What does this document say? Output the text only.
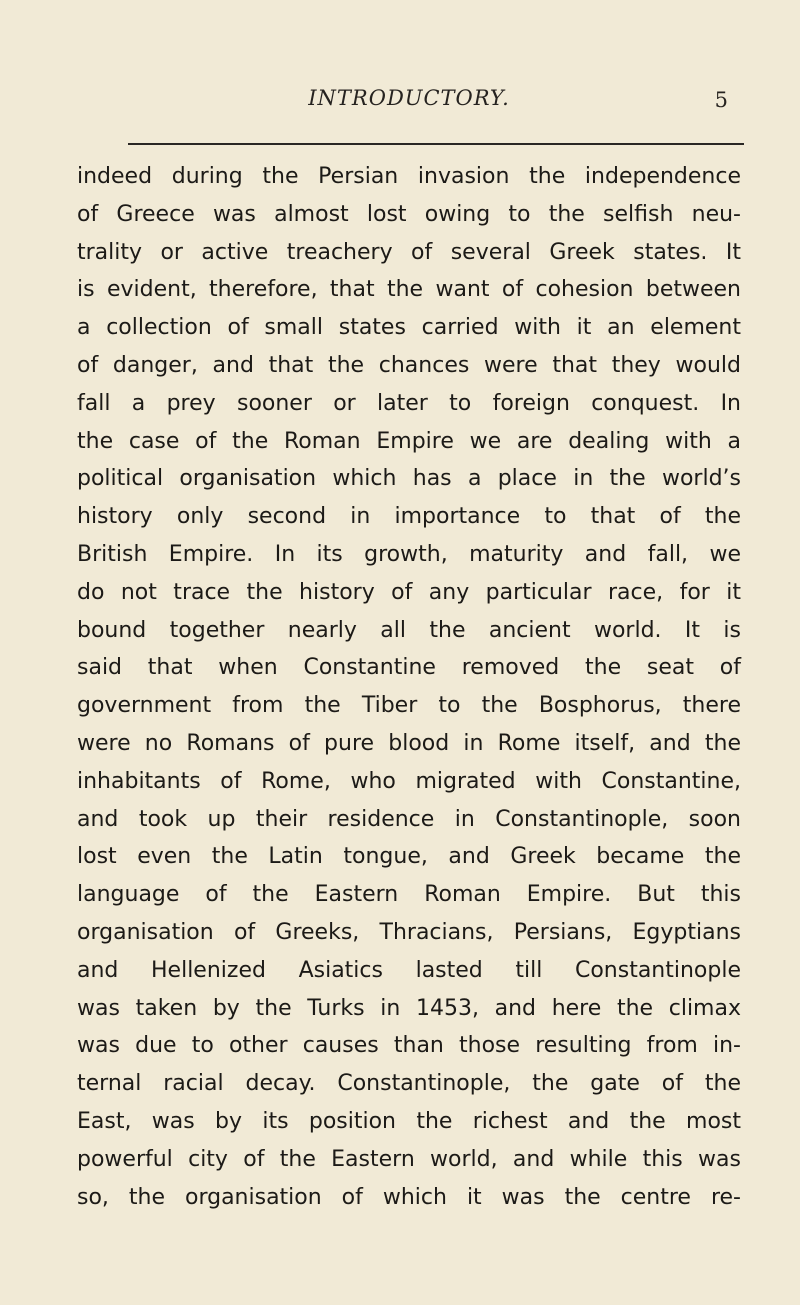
INTRODUCTORY.	5
indeed during the Persian invasion the independence
of Greece was almost lost owing to the selfish neu-
trality or active treachery of several Greek states. It
is evident, therefore, that the want of cohesion between
a collection of small states carried with it an element
of danger, and that the chances were that they would
fall a prey sooner or later to foreign conquest. In
the case of the Roman Empire we are dealing with a
political organisation which has a place in the world’s
history only second in importance to that of the
British Empire. In its growth, maturity and fall, we
do not trace the history of any particular race, for it
bound together nearly all the ancient world. It is
said that when Constantine removed the seat of
government from the Tiber to the Bosphorus, there
were no Romans of pure blood in Rome itself, and the
inhabitants of Rome, who migrated with Constantine,
and took up their residence in Constantinople, soon
lost even the Latin tongue, and Greek became the
language of the Eastern Roman Empire. But this
organisation of Greeks, Thracians, Persians, Egyptians
and Hellenized Asiatics lasted till Constantinople
was taken by the Turks in 1453, and here the climax
was due to other causes than those resulting from in-
ternal racial decay. Constantinople, the gate of the
East, was by its position the richest and the most
powerful city of the Eastern world, and while this was
so, the organisation of which it was the centre re-
